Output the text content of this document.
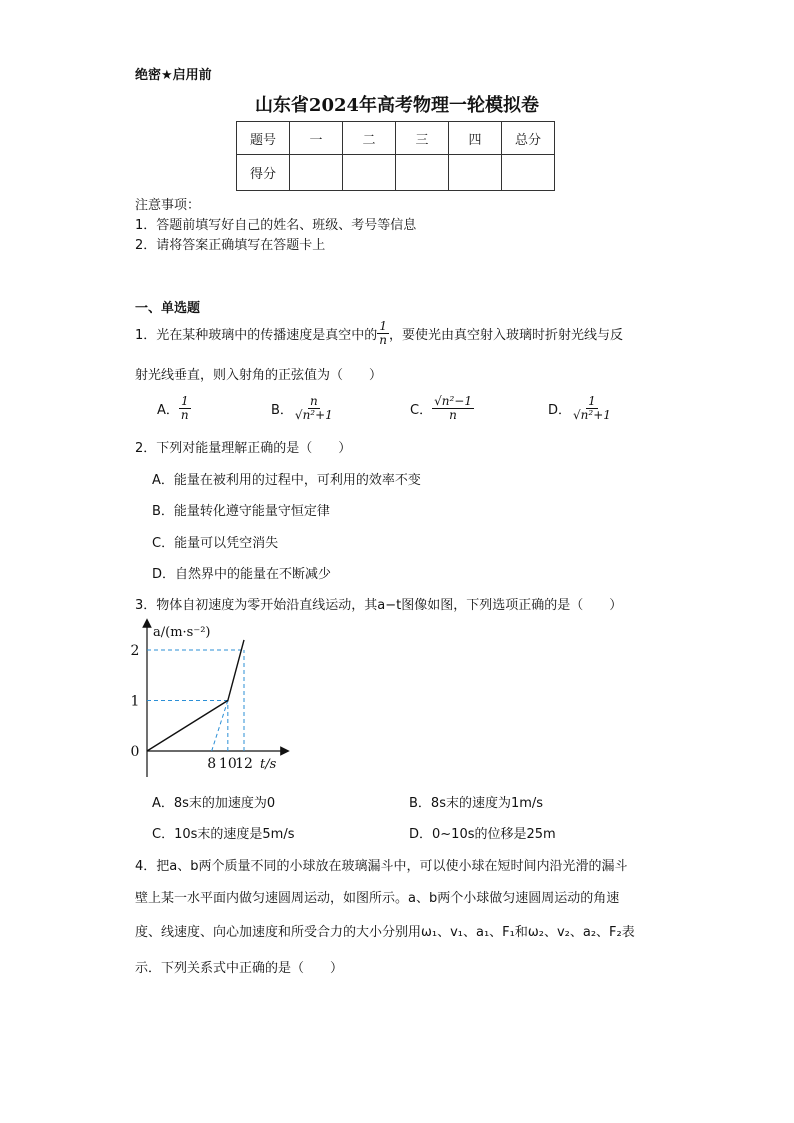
绝密★启用前
山东省2024年高考物理一轮模拟卷
题号	一	二	三	四	总分
得分					
注意事项：
1．答题前填写好自己的姓名、班级、考号等信息
2．请将答案正确填写在答题卡上
一、单选题
1．光在某种玻璃中的传播速度是真空中的 $\frac{1}{n}$ ，要使光由真空射入玻璃时折射光线与反
射光线垂直，则入射角的正弦值为（　　）
A． $\frac{1}{n}$	B． $\frac{n}{\text{√n²+1}}$	C． $\frac{\text{√n²−1}}{n}$	D． $\frac{1}{\text{√n²+1}}$
2．下列对能量理解正确的是（　　）
A．能量在被利用的过程中，可利用的效率不变
B．能量转化遵守能量守恒定律
C．能量可以凭空消失
D．自然界中的能量在不断减少
3．物体自初速度为零开始沿直线运动，其a−t图像如图，下列选项正确的是（　　）
0
1
2
8 10
12
a/(m·s⁻²)
t/s
A．8s末的加速度为0	B．8s末的速度为1m/s
C．10s末的速度是5m/s	D．0~10s的位移是25m
4．把a、b两个质量不同的小球放在玻璃漏斗中，可以使小球在短时间内沿光滑的漏斗
壁上某一水平面内做匀速圆周运动，如图所示。a、b两个小球做匀速圆周运动的角速
度、线速度、向心加速度和所受合力的大小分别用ω₁、v₁、a₁、F₁和ω₂、v₂、a₂、F₂表
示．下列关系式中正确的是（　　）
